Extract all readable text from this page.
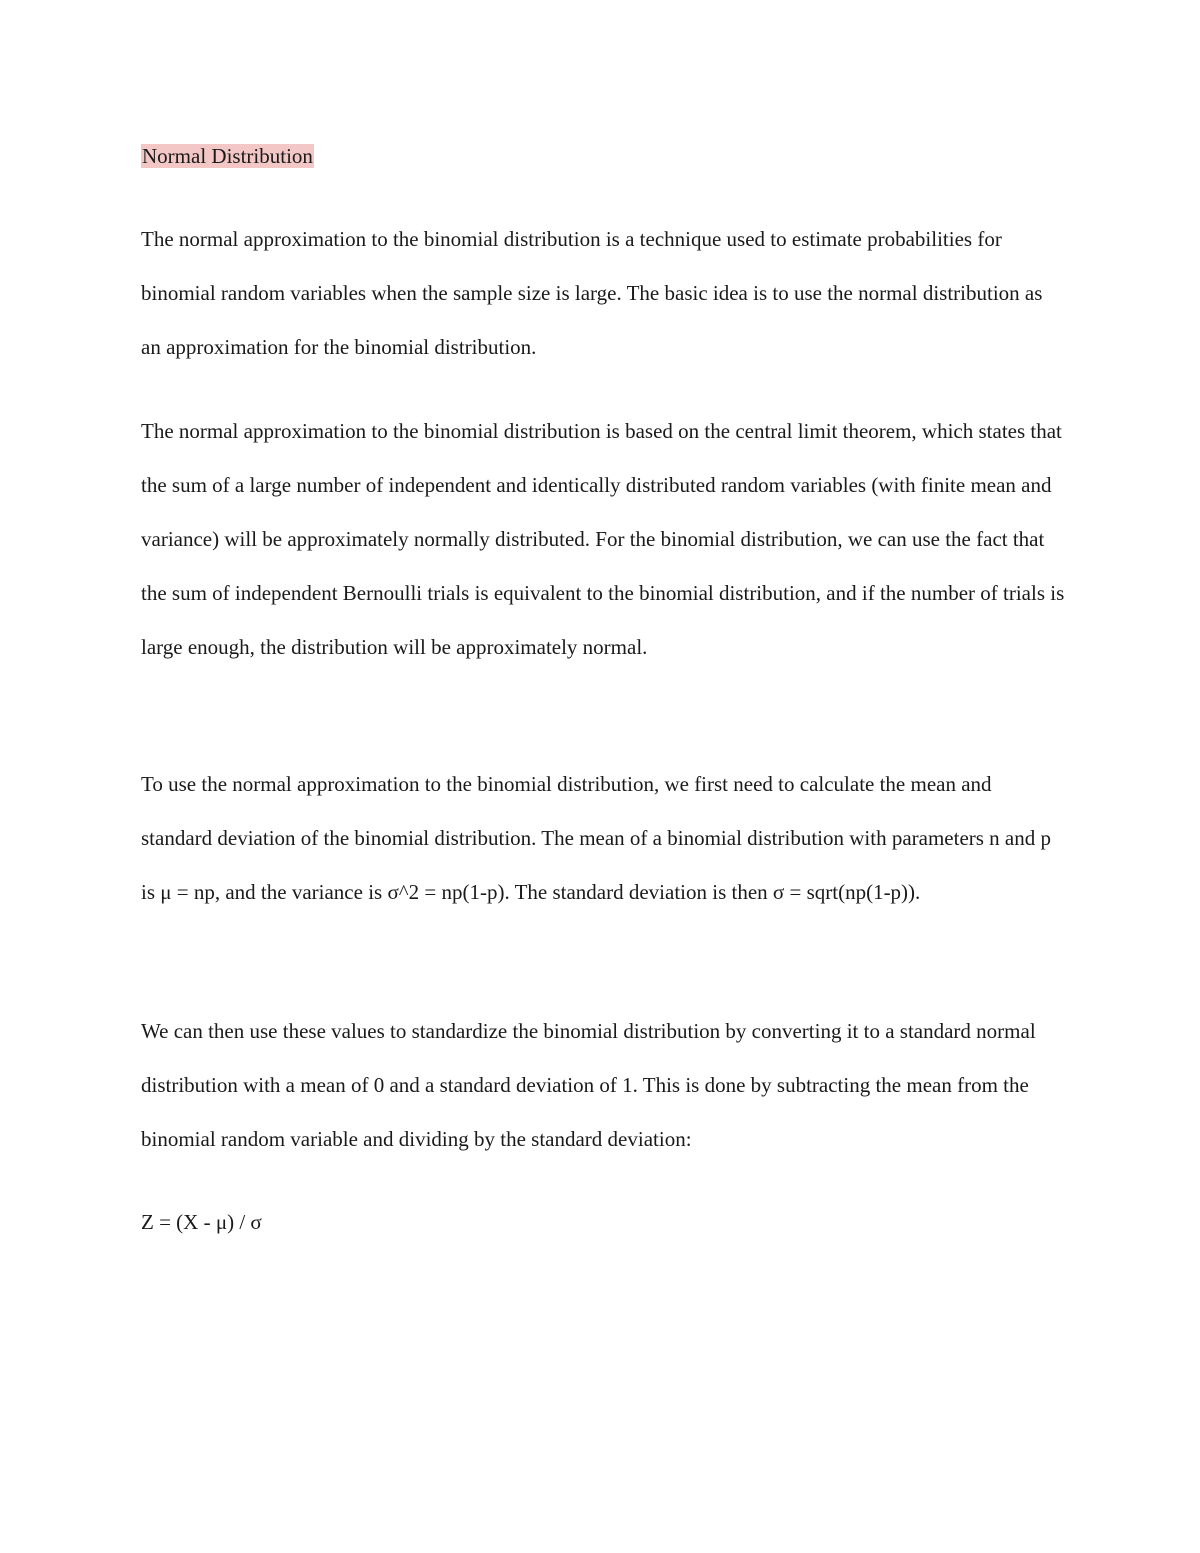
Normal Distribution

The normal approximation to the binomial distribution is a technique used to estimate probabilities for binomial random variables when the sample size is large. The basic idea is to use the normal distribution as an approximation for the binomial distribution.

The normal approximation to the binomial distribution is based on the central limit theorem, which states that the sum of a large number of independent and identically distributed random variables (with finite mean and variance) will be approximately normally distributed. For the binomial distribution, we can use the fact that the sum of independent Bernoulli trials is equivalent to the binomial distribution, and if the number of trials is large enough, the distribution will be approximately normal.

To use the normal approximation to the binomial distribution, we first need to calculate the mean and standard deviation of the binomial distribution. The mean of a binomial distribution with parameters n and p is μ = np, and the variance is σ^2 = np(1-p). The standard deviation is then σ = sqrt(np(1-p)).

We can then use these values to standardize the binomial distribution by converting it to a standard normal distribution with a mean of 0 and a standard deviation of 1. This is done by subtracting the mean from the binomial random variable and dividing by the standard deviation:

Z = (X - μ) / σ
